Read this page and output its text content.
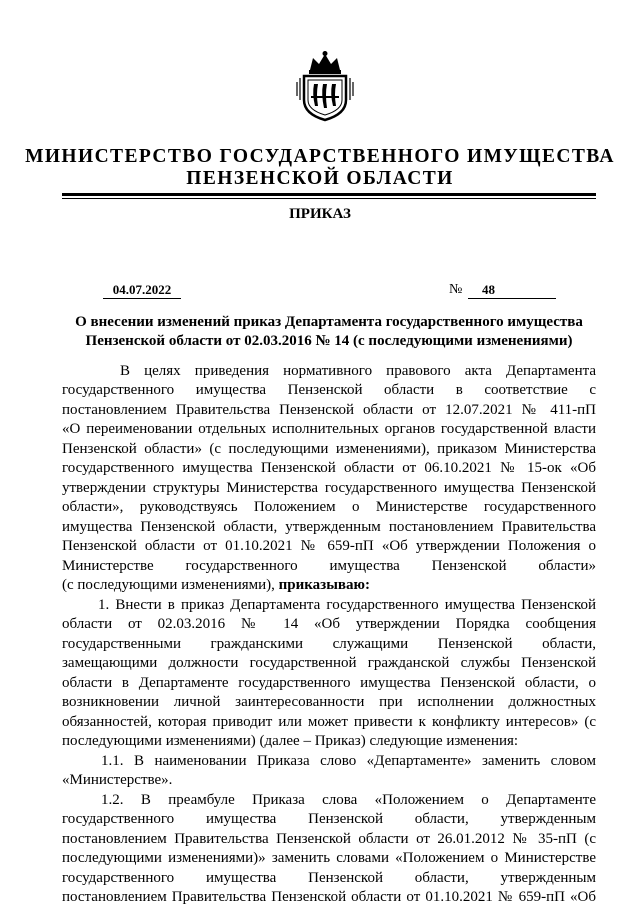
МИНИСТЕРСТВО ГОСУДАРСТВЕННОГО ИМУЩЕСТВА
ПЕНЗЕНСКОЙ ОБЛАСТИ
ПРИКАЗ
04.07.2022	№	48
О внесении изменений приказ Департамента государственного имущества
Пензенской области от 02.03.2016 № 14 (с последующими изменениями)
В целях приведения нормативного правового акта Департамента
государственного имущества Пензенской области в соответствие с
постановлением Правительства Пензенской области от 12.07.2021 № 411-пП
«О переименовании отдельных исполнительных органов государственной власти
Пензенской области» (с последующими изменениями), приказом Министерства
государственного имущества Пензенской области от 06.10.2021 № 15-ок «Об
утверждении структуры Министерства государственного имущества Пензенской
области», руководствуясь Положением о Министерстве государственного
имущества Пензенской области, утвержденным постановлением Правительства
Пензенской области от 01.10.2021 № 659-пП «Об утверждении Положения о
Министерстве государственного имущества Пензенской области»
(с последующими изменениями), приказываю:
1. Внести в приказ Департамента государственного имущества Пензенской
области от 02.03.2016 № 14 «Об утверждении Порядка сообщения
государственными гражданскими служащими Пензенской области,
замещающими должности государственной гражданской службы Пензенской
области в Департаменте государственного имущества Пензенской области, о
возникновении личной заинтересованности при исполнении должностных
обязанностей, которая приводит или может привести к конфликту интересов» (с
последующими изменениями) (далее – Приказ) следующие изменения:
1.1. В наименовании Приказа слово «Департаменте» заменить словом
«Министерстве».
1.2. В преамбуле Приказа слова «Положением о Департаменте
государственного имущества Пензенской области, утвержденным
постановлением Правительства Пензенской области от 26.01.2012 № 35-пП (с
последующими изменениями)» заменить словами «Положением о Министерстве
государственного имущества Пензенской области, утвержденным
постановлением Правительства Пензенской области от 01.10.2021 № 659-пП «Об
